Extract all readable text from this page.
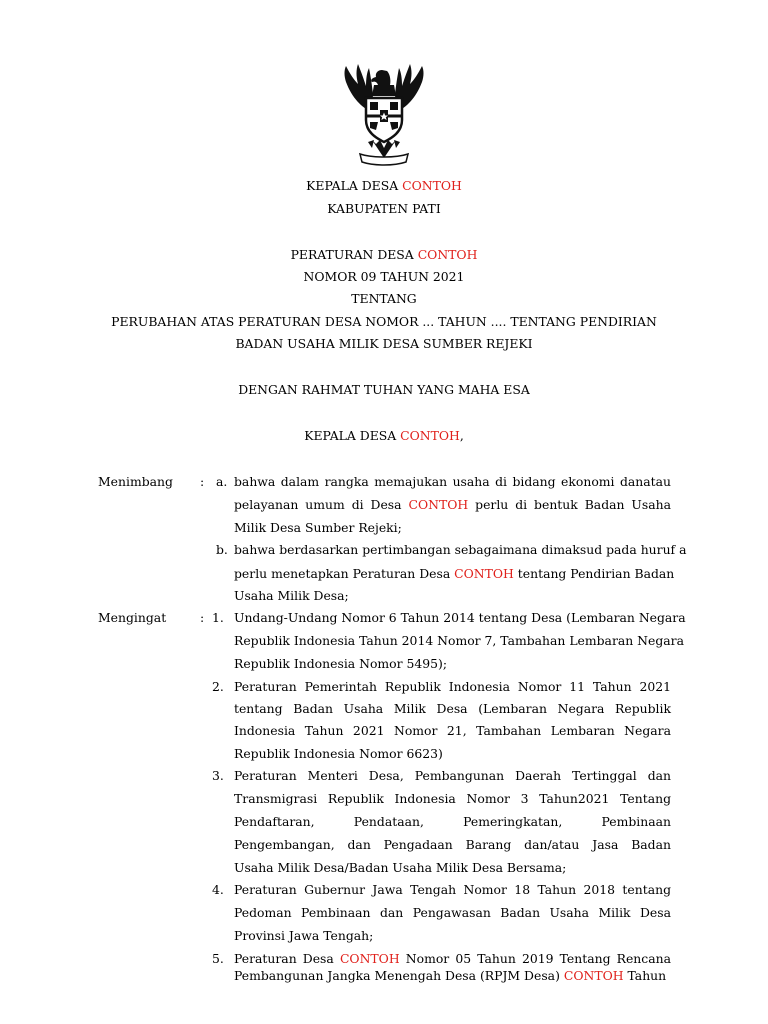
KEPALA DESA CONTOH
KABUPATEN PATI
PERATURAN DESA CONTOH
NOMOR 09 TAHUN 2021
TENTANG
PERUBAHAN ATAS PERATURAN DESA NOMOR ... TAHUN .... TENTANG PENDIRIAN
BADAN USAHA MILIK DESA SUMBER REJEKI
DENGAN RAHMAT TUHAN YANG MAHA ESA
KEPALA DESA CONTOH,
Menimbang : a. bahwa dalam rangka memajukan usaha di bidang ekonomi danatau
pelayanan umum di Desa CONTOH perlu di bentuk Badan Usaha
Milik Desa Sumber Rejeki;
b. bahwa berdasarkan pertimbangan sebagaimana dimaksud pada huruf a
perlu menetapkan Peraturan Desa CONTOH tentang Pendirian Badan
Usaha Milik Desa;
Mengingat	: 1. Undang-Undang Nomor 6 Tahun 2014 tentang Desa (Lembaran Negara
Republik Indonesia Tahun 2014 Nomor 7, Tambahan Lembaran Negara
Republik Indonesia Nomor 5495);
2. Peraturan Pemerintah Republik Indonesia Nomor 11 Tahun 2021
tentang Badan Usaha Milik Desa (Lembaran Negara Republik
Indonesia Tahun 2021 Nomor 21, Tambahan Lembaran Negara
Republik Indonesia Nomor 6623)
3. Peraturan Menteri Desa, Pembangunan Daerah Tertinggal dan
Transmigrasi Republik Indonesia Nomor 3 Tahun2021 Tentang
Pendaftaran, Pendataan, Pemeringkatan, Pembinaan
Pengembangan, dan Pengadaan Barang dan/atau Jasa Badan
Usaha Milik Desa/Badan Usaha Milik Desa Bersama;
4. Peraturan Gubernur Jawa Tengah Nomor 18 Tahun 2018 tentang
Pedoman Pembinaan dan Pengawasan Badan Usaha Milik Desa
Provinsi Jawa Tengah;
5. Peraturan Desa CONTOH Nomor 05 Tahun 2019 Tentang Rencana
Pembangunan Jangka Menengah Desa (RPJM Desa) CONTOH Tahun
